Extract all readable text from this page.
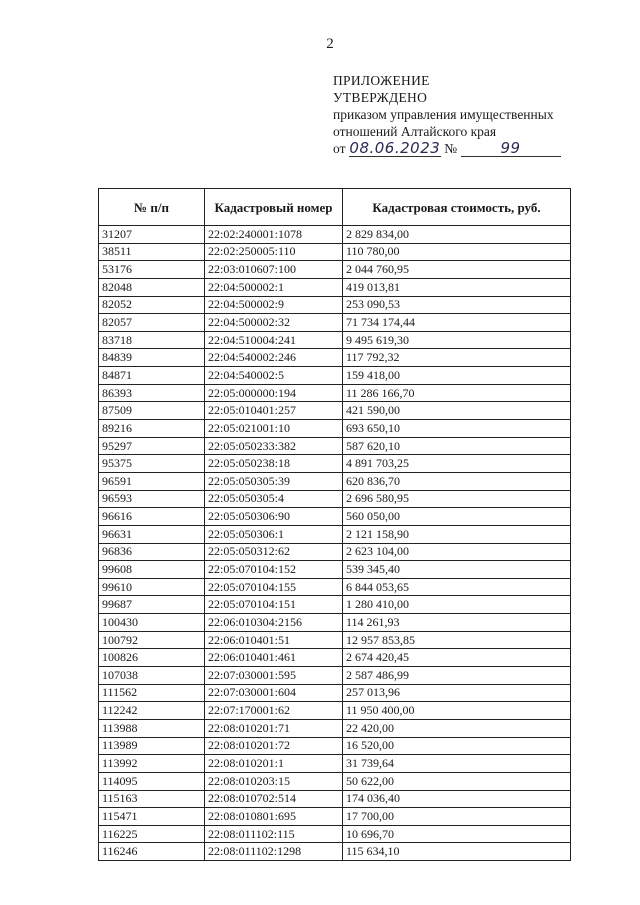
2
ПРИЛОЖЕНИЕ
УТВЕРЖДЕНО
приказом управления имущественных
отношений Алтайского края
от 08.06.2023 №	99
№ п/п	Кадастровый номер	Кадастровая стоимость, руб.
31207	22:02:240001:1078	2 829 834,00
38511	22:02:250005:110	110 780,00
53176	22:03:010607:100	2 044 760,95
82048	22:04:500002:1	419 013,81
82052	22:04:500002:9	253 090,53
82057	22:04:500002:32	71 734 174,44
83718	22:04:510004:241	9 495 619,30
84839	22:04:540002:246	117 792,32
84871	22:04:540002:5	159 418,00
86393	22:05:000000:194	11 286 166,70
87509	22:05:010401:257	421 590,00
89216	22:05:021001:10	693 650,10
95297	22:05:050233:382	587 620,10
95375	22:05:050238:18	4 891 703,25
96591	22:05:050305:39	620 836,70
96593	22:05:050305:4	2 696 580,95
96616	22:05:050306:90	560 050,00
96631	22:05:050306:1	2 121 158,90
96836	22:05:050312:62	2 623 104,00
99608	22:05:070104:152	539 345,40
99610	22:05:070104:155	6 844 053,65
99687	22:05:070104:151	1 280 410,00
100430	22:06:010304:2156	114 261,93
100792	22:06:010401:51	12 957 853,85
100826	22:06:010401:461	2 674 420,45
107038	22:07:030001:595	2 587 486,99
111562	22:07:030001:604	257 013,96
112242	22:07:170001:62	11 950 400,00
113988	22:08:010201:71	22 420,00
113989	22:08:010201:72	16 520,00
113992	22:08:010201:1	31 739,64
114095	22:08:010203:15	50 622,00
115163	22:08:010702:514	174 036,40
115471	22:08:010801:695	17 700,00
116225	22:08:011102:115	10 696,70
116246	22:08:011102:1298	115 634,10
